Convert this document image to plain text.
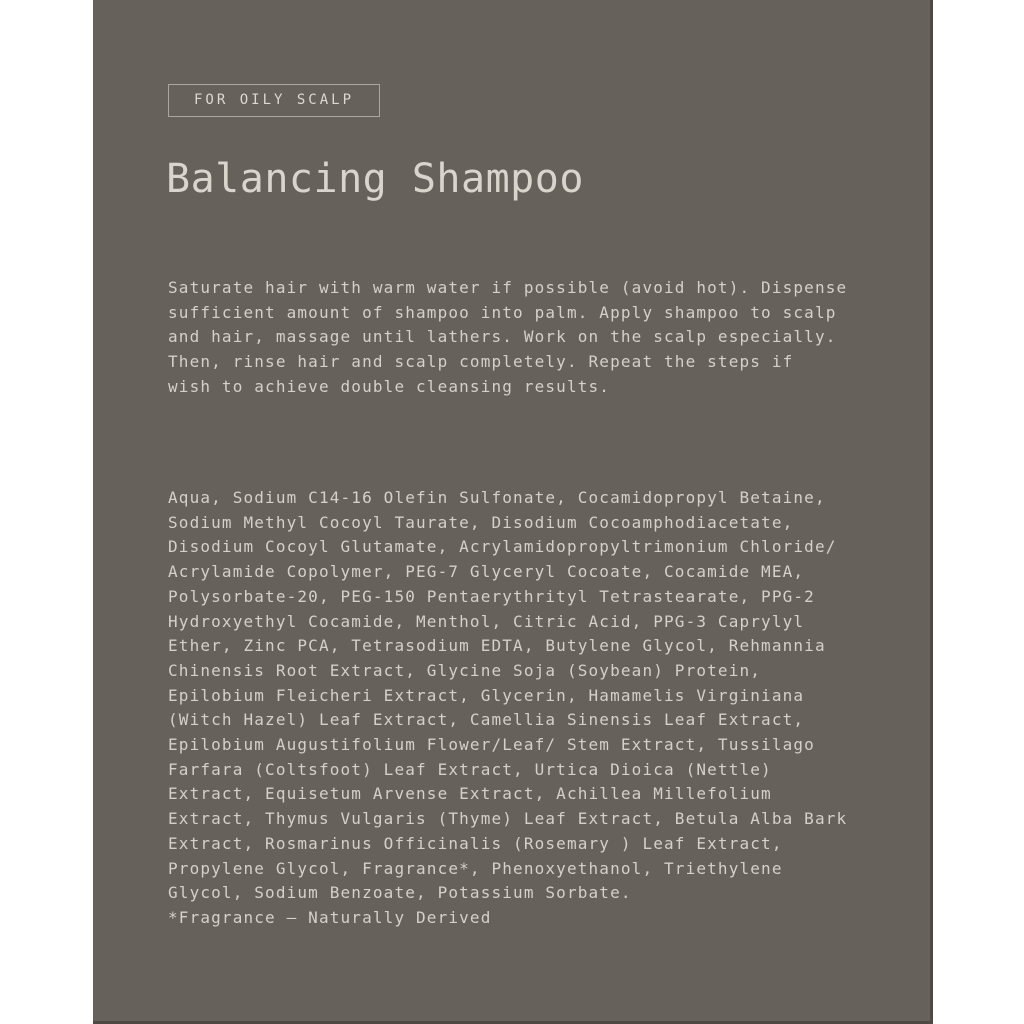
FOR OILY SCALP
Balancing Shampoo
Saturate hair with warm water if possible (avoid hot). Dispense
sufficient amount of shampoo into palm. Apply shampoo to scalp
and hair, massage until lathers. Work on the scalp especially.
Then, rinse hair and scalp completely. Repeat the steps if
wish to achieve double cleansing results.
Aqua, Sodium C14-16 Olefin Sulfonate, Cocamidopropyl Betaine,
Sodium Methyl Cocoyl Taurate, Disodium Cocoamphodiacetate,
Disodium Cocoyl Glutamate, Acrylamidopropyltrimonium Chloride/
Acrylamide Copolymer, PEG-7 Glyceryl Cocoate, Cocamide MEA,
Polysorbate-20, PEG-150 Pentaerythrityl Tetrastearate, PPG-2
Hydroxyethyl Cocamide, Menthol, Citric Acid, PPG-3 Caprylyl
Ether, Zinc PCA, Tetrasodium EDTA, Butylene Glycol, Rehmannia
Chinensis Root Extract, Glycine Soja (Soybean) Protein,
Epilobium Fleicheri Extract, Glycerin, Hamamelis Virginiana
(Witch Hazel) Leaf Extract, Camellia Sinensis Leaf Extract,
Epilobium Augustifolium Flower/Leaf/ Stem Extract, Tussilago
Farfara (Coltsfoot) Leaf Extract, Urtica Dioica (Nettle)
Extract, Equisetum Arvense Extract, Achillea Millefolium
Extract, Thymus Vulgaris (Thyme) Leaf Extract, Betula Alba Bark
Extract, Rosmarinus Officinalis (Rosemary ) Leaf Extract,
Propylene Glycol, Fragrance*, Phenoxyethanol, Triethylene
Glycol, Sodium Benzoate, Potassium Sorbate.
*Fragrance – Naturally Derived
